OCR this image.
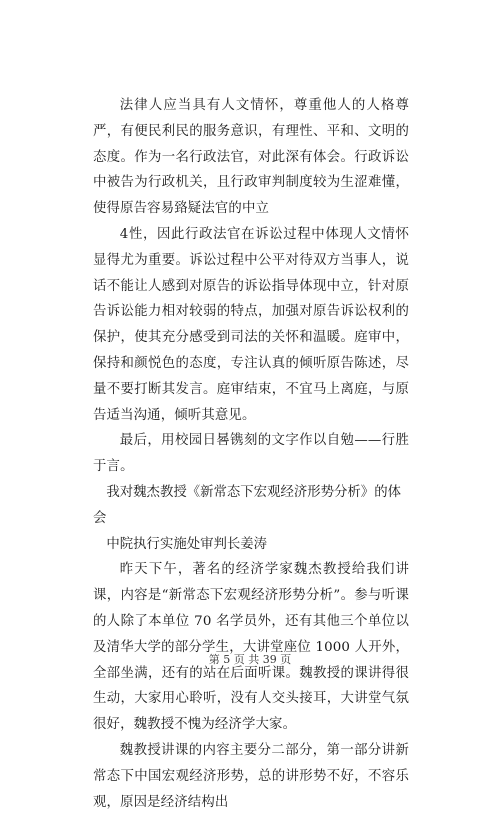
法律人应当具有人文情怀，尊重他人的人格尊严，有便民利民的服务意识，有理性、平和、文明的态度。作为一名行政法官，对此深有体会。行政诉讼中被告为行政机关，且行政审判制度较为生涩难懂，使得原告容易臵疑法官的中立

4性，因此行政法官在诉讼过程中体现人文情怀显得尤为重要。诉讼过程中公平对待双方当事人，说话不能让人感到对原告的诉讼指导体现中立，针对原告诉讼能力相对较弱的特点，加强对原告诉讼权利的保护，使其充分感受到司法的关怀和温暖。庭审中，保持和颜悦色的态度，专注认真的倾听原告陈述，尽量不要打断其发言。庭审结束，不宜马上离庭，与原告适当沟通，倾听其意见。

最后，用校园日晷镌刻的文字作以自勉——行胜于言。

我对魏杰教授《新常态下宏观经济形势分析》的体会

中院执行实施处审判长姜涛

昨天下午，著名的经济学家魏杰教授给我们讲课，内容是“新常态下宏观经济形势分析”。参与听课的人除了本单位 70 名学员外，还有其他三个单位以及清华大学的部分学生，大讲堂座位 1000 人开外，全部坐满，还有的站在后面听课。魏教授的课讲得很生动，大家用心聆听，没有人交头接耳，大讲堂气氛很好，魏教授不愧为经济学大家。

魏教授讲课的内容主要分二部分，第一部分讲新常态下中国宏观经济形势，总的讲形势不好，不容乐观，原因是经济结构出

第 5 页 共 39 页
